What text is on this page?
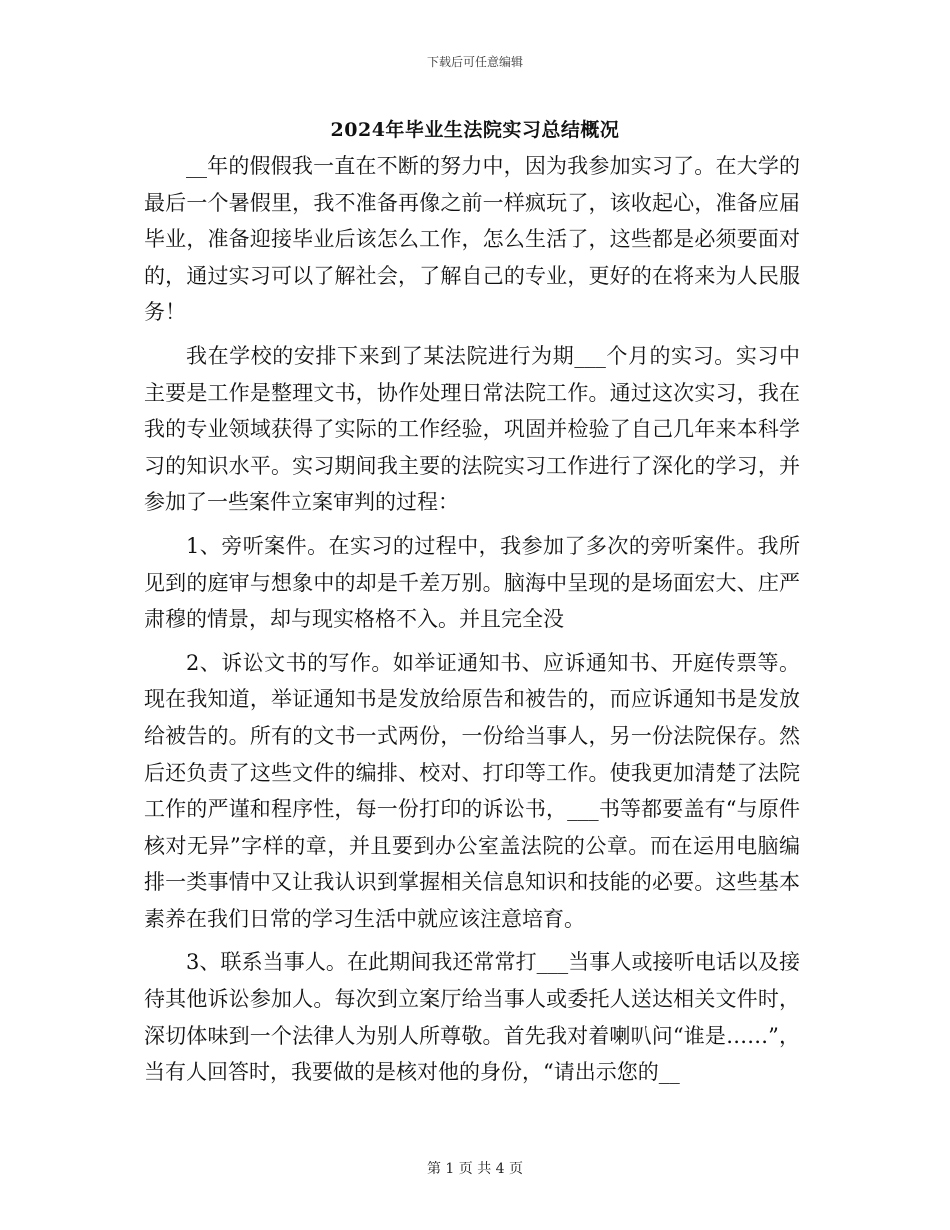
下载后可任意编辑
2024年毕业生法院实习总结概况

__年的假假我一直在不断的努力中，因为我参加实习了。在大学的最后一个暑假里，我不准备再像之前一样疯玩了，该收起心，准备应届毕业，准备迎接毕业后该怎么工作，怎么生活了，这些都是必须要面对的，通过实习可以了解社会，了解自己的专业，更好的在将来为人民服务！

我在学校的安排下来到了某法院进行为期___个月的实习。实习中主要是工作是整理文书，协作处理日常法院工作。通过这次实习，我在我的专业领域获得了实际的工作经验，巩固并检验了自己几年来本科学习的知识水平。实习期间我主要的法院实习工作进行了深化的学习，并参加了一些案件立案审判的过程：

1、旁听案件。在实习的过程中，我参加了多次的旁听案件。我所见到的庭审与想象中的却是千差万别。脑海中呈现的是场面宏大、庄严肃穆的情景，却与现实格格不入。并且完全没

2、诉讼文书的写作。如举证通知书、应诉通知书、开庭传票等。现在我知道，举证通知书是发放给原告和被告的，而应诉通知书是发放给被告的。所有的文书一式两份，一份给当事人，另一份法院保存。然后还负责了这些文件的编排、校对、打印等工作。使我更加清楚了法院工作的严谨和程序性，每一份打印的诉讼书，___书等都要盖有“与原件核对无异”字样的章，并且要到办公室盖法院的公章。而在运用电脑编排一类事情中又让我认识到掌握相关信息知识和技能的必要。这些基本素养在我们日常的学习生活中就应该注意培育。

3、联系当事人。在此期间我还常常打___当事人或接听电话以及接待其他诉讼参加人。每次到立案厅给当事人或委托人送达相关文件时，深切体味到一个法律人为别人所尊敬。首先我对着喇叭问“谁是……”，当有人回答时，我要做的是核对他的身份，“请出示您的__

第 1 页 共 4 页
